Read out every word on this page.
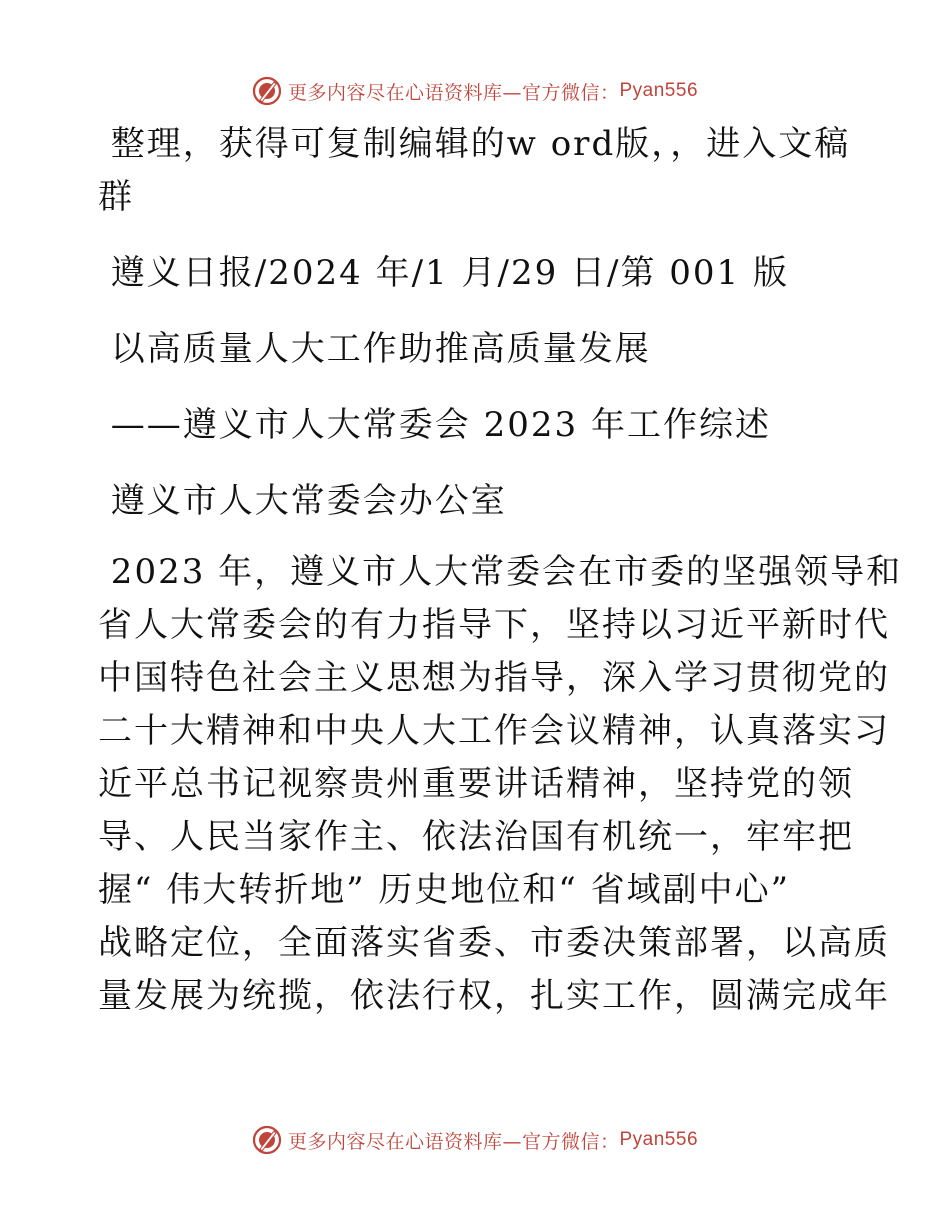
更多内容尽在心语资料库—官方微信： Pyan556

整理，获得可复制编辑的w ord版，，进入文稿

群

遵义日报/2024 年/1 月/29 日/第 001 版

以高质量人大工作助推高质量发展

——遵义市人大常委会 2023 年工作综述

遵义市人大常委会办公室

2023 年，遵义市人大常委会在市委的坚强领导和

省人大常委会的有力指导下，坚持以习近平新时代

中国特色社会主义思想为指导，深入学习贯彻党的

二十大精神和中央人大工作会议精神，认真落实习

近平总书记视察贵州重要讲话精神，坚持党的领

导、人民当家作主、依法治国有机统一，牢牢把

握“ 伟大转折地” 历史地位和“ 省域副中心”

战略定位，全面落实省委、市委决策部署，以高质

量发展为统揽，依法行权，扎实工作，圆满完成年

更多内容尽在心语资料库—官方微信： Pyan556
